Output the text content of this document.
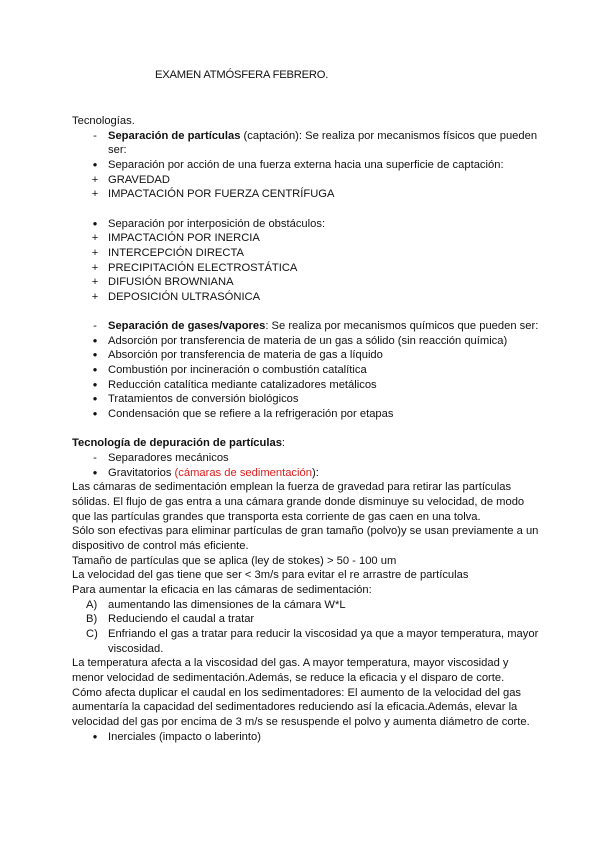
EXAMEN ATMÓSFERA FEBRERO.
Tecnologías.
- Separación de partículas (captación): Se realiza por mecanismos físicos que pueden ser:
● Separación por acción de una fuerza externa hacia una superficie de captación:
+ GRAVEDAD
+ IMPACTACIÓN POR FUERZA CENTRÍFUGA
● Separación por interposición de obstáculos:
+ IMPACTACIÓN POR INERCIA
+ INTERCEPCIÓN DIRECTA
+ PRECIPITACIÓN ELECTROSTÁTICA
+ DIFUSIÓN BROWNIANA
+ DEPOSICIÓN ULTRASÓNICA
- Separación de gases/vapores: Se realiza por mecanismos químicos que pueden ser:
● Adsorción por transferencia de materia de un gas a sólido (sin reacción química)
● Absorción por transferencia de materia de gas a líquido
● Combustión por incineración o combustión catalítica
● Reducción catalítica mediante catalizadores metálicos
● Tratamientos de conversión biológicos
● Condensación que se refiere a la refrigeración por etapas
Tecnología de depuración de partículas:
- Separadores mecánicos
● Gravitatorios (cámaras de sedimentación):
Las cámaras de sedimentación emplean la fuerza de gravedad para retirar las partículas sólidas. El flujo de gas entra a una cámara grande donde disminuye su velocidad, de modo que las partículas grandes que transporta esta corriente de gas caen en una tolva.
Sólo son efectivas para eliminar partículas de gran tamaño (polvo)y se usan previamente a un dispositivo de control más eficiente.
Tamaño de partículas que se aplica (ley de stokes) > 50 - 100 um
La velocidad del gas tiene que ser < 3m/s para evitar el re arrastre de partículas
Para aumentar la eficacia en las cámaras de sedimentación:
A) aumentando las dimensiones de la cámara W*L
B) Reduciendo el caudal a tratar
C) Enfriando el gas a tratar para reducir la viscosidad ya que a mayor temperatura, mayor viscosidad.
La temperatura afecta a la viscosidad del gas. A mayor temperatura, mayor viscosidad y menor velocidad de sedimentación.Además, se reduce la eficacia y el disparo de corte.
Cómo afecta duplicar el caudal en los sedimentadores: El aumento de la velocidad del gas aumentaría la capacidad del sedimentadores reduciendo así la eficacia.Además, elevar la velocidad del gas por encima de 3 m/s se resuspende el polvo y aumenta diámetro de corte.
● Inerciales (impacto o laberinto)
